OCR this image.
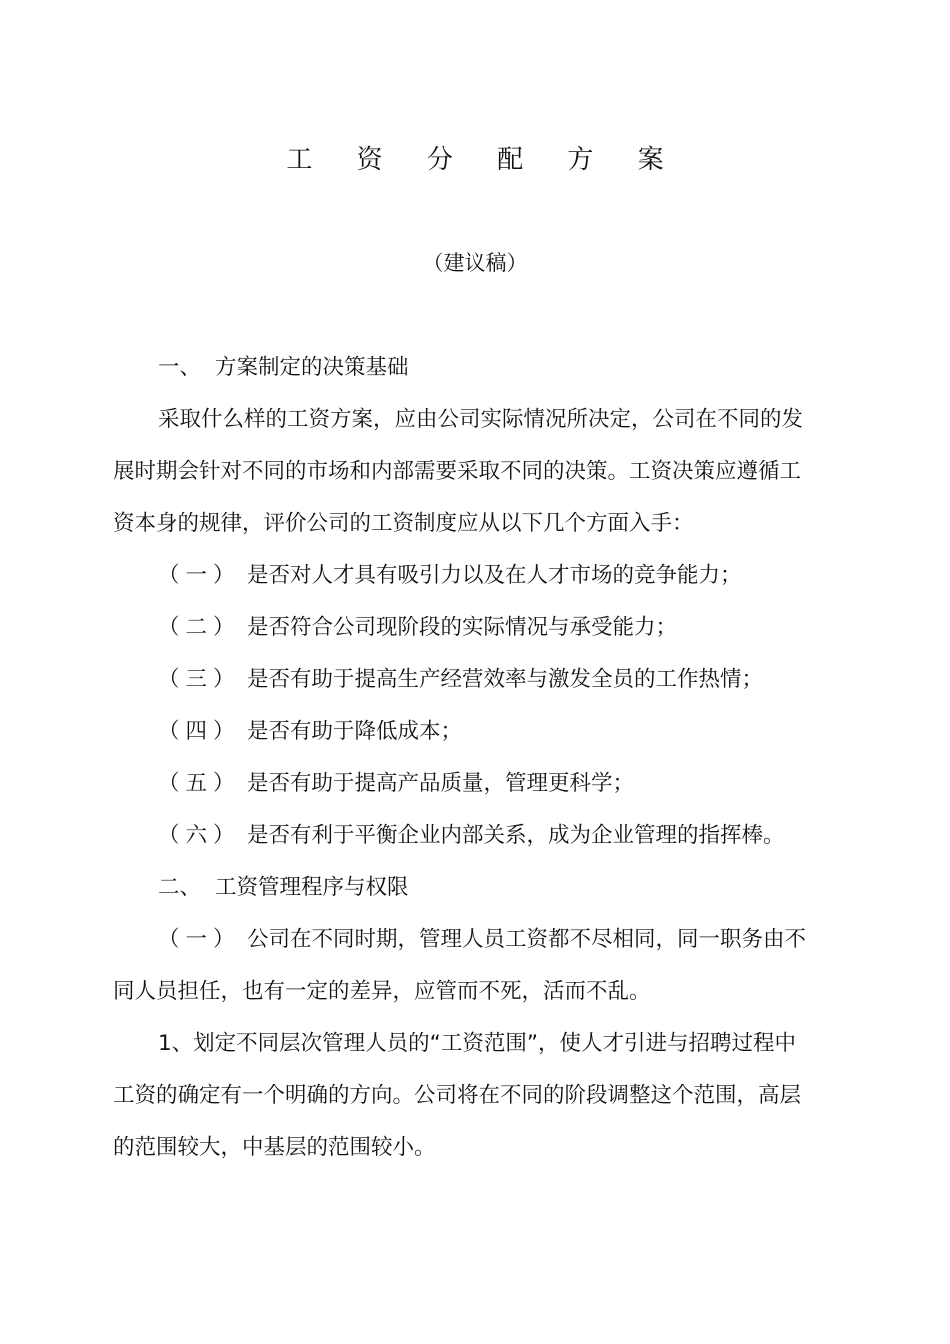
工 资 分 配 方 案
（建议稿）
一、 方案制定的决策基础
采取什么样的工资方案，应由公司实际情况所决定，公司在不同的发
展时期会针对不同的市场和内部需要采取不同的决策。工资决策应遵循工
资本身的规律，评价公司的工资制度应从以下几个方面入手：
（一） 是否对人才具有吸引力以及在人才市场的竞争能力；
（二） 是否符合公司现阶段的实际情况与承受能力；
（三） 是否有助于提高生产经营效率与激发全员的工作热情；
（四） 是否有助于降低成本；
（五） 是否有助于提高产品质量，管理更科学；
（六） 是否有利于平衡企业内部关系，成为企业管理的指挥棒。
二、 工资管理程序与权限
（一） 公司在不同时期，管理人员工资都不尽相同，同一职务由不
同人员担任，也有一定的差异，应管而不死，活而不乱。
1、划定不同层次管理人员的“工资范围”，使人才引进与招聘过程中
工资的确定有一个明确的方向。公司将在不同的阶段调整这个范围，高层
的范围较大，中基层的范围较小。
